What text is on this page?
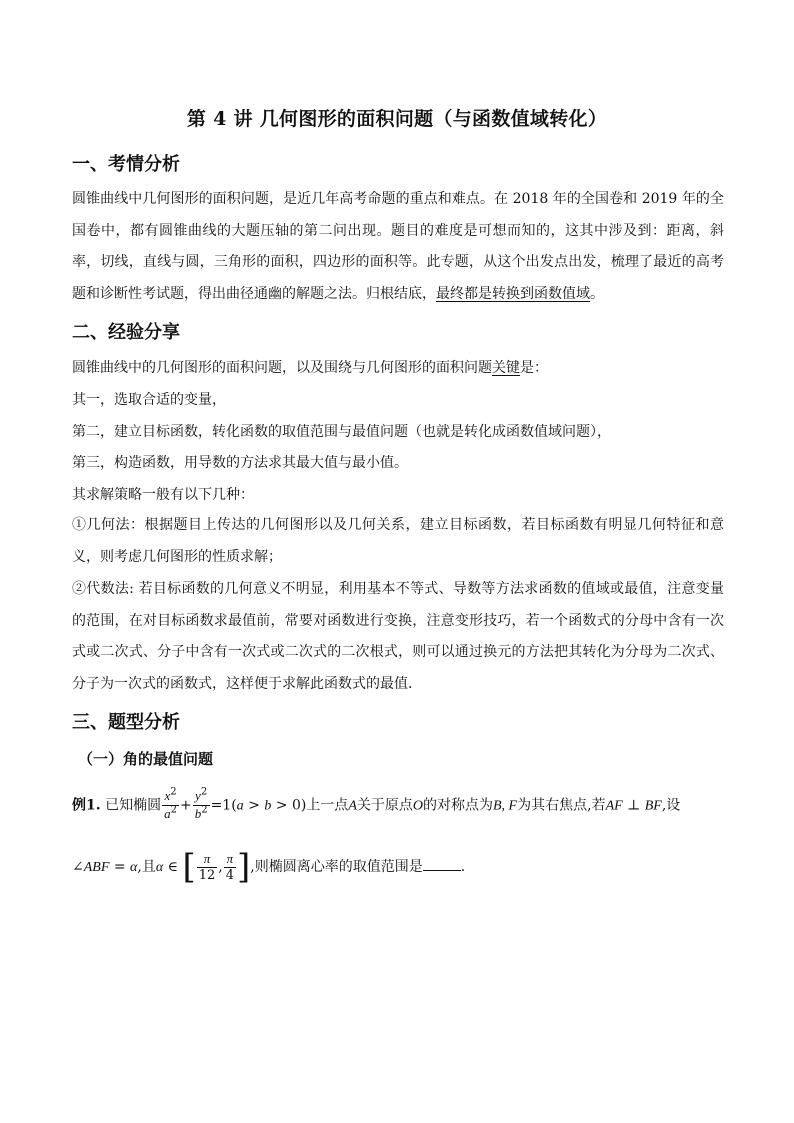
第 4 讲 几何图形的面积问题（与函数值域转化）
一、考情分析
圆锥曲线中几何图形的面积问题，是近几年高考命题的重点和难点。在 2018 年的全国卷和 2019 年的全国卷中，都有圆锥曲线的大题压轴的第二问出现。题目的难度是可想而知的，这其中涉及到：距离，斜率，切线，直线与圆，三角形的面积，四边形的面积等。此专题，从这个出发点出发，梳理了最近的高考题和诊断性考试题，得出曲径通幽的解题之法。归根结底，最终都是转换到函数值域。
二、经验分享
圆锥曲线中的几何图形的面积问题，以及围绕与几何图形的面积问题关键是：
其一，选取合适的变量，
第二，建立目标函数，转化函数的取值范围与最值问题（也就是转化成函数值域问题），
第三，构造函数，用导数的方法求其最大值与最小值。
其求解策略一般有以下几种：
①几何法：根据题目上传达的几何图形以及几何关系，建立目标函数，若目标函数有明显几何特征和意义，则考虑几何图形的性质求解；
②代数法: 若目标函数的几何意义不明显，利用基本不等式、导数等方法求函数的值域或最值，注意变量的范围，在对目标函数求最值前，常要对函数进行变换，注意变形技巧，若一个函数式的分母中含有一次式或二次式、分子中含有一次式或二次式的二次根式，则可以通过换元的方法把其转化为分母为二次式、分子为一次式的函数式，这样便于求解此函数式的最值.
三、题型分析
（一）角的最值问题
例1. 已知椭圆 $\frac{x^2}{a^2} + \frac{y^2}{b^2} =1(a > b > 0)$上一点A关于原点O的对称点为B, F为其右焦点,若AF ⊥ BF,设
∠ABF = α,且α ∈ [ $\frac{\pi}{12}$ , $\frac{\pi}{4}$ ],则椭圆离心率的取值范围是	.
